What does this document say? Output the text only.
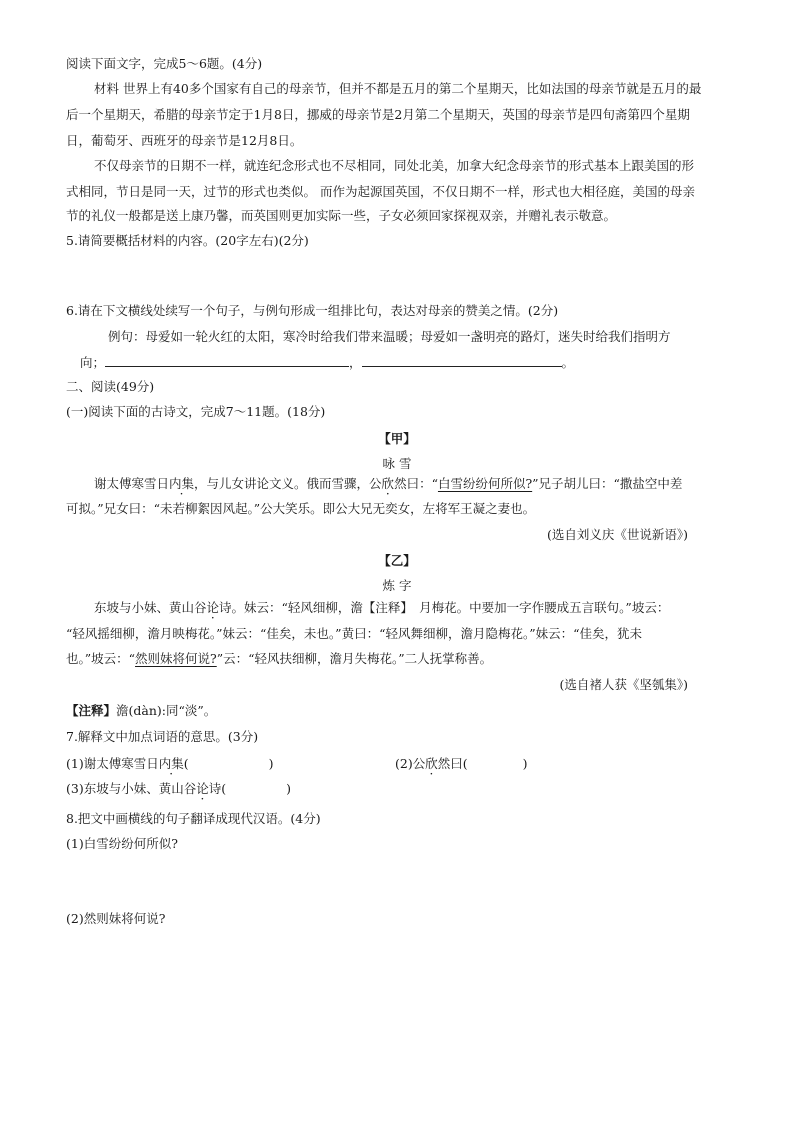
阅读下面文字，完成5～6题。(4分)
材料 世界上有40多个国家有自己的母亲节，但并不都是五月的第二个星期天，比如法国的母亲节就是五月的最
后一个星期天，希腊的母亲节定于1月8日，挪威的母亲节是2月第二个星期天，英国的母亲节是四旬斋第四个星期
日，葡萄牙、西班牙的母亲节是12月8日。
不仅母亲节的日期不一样，就连纪念形式也不尽相同，同处北美，加拿大纪念母亲节的形式基本上跟美国的形
式相同，节日是同一天，过节的形式也类似。 而作为起源国英国，不仅日期不一样，形式也大相径庭，美国的母亲
节的礼仪一般都是送上康乃馨，而英国则更加实际一些，子女必须回家探视双亲，并赠礼表示敬意。
5.请简要概括材料的内容。(20字左右)(2分)
6.请在下文横线处续写一个句子，与例句形成一组排比句，表达对母亲的赞美之情。(2分)
例句：母爱如一轮火红的太阳，寒冷时给我们带来温暖；母爱如一盏明亮的路灯，迷失时给我们指明方
向；	，	。
二、阅读(49分)
(一)阅读下面的古诗文，完成7～11题。(18分)
【甲】
咏 雪
谢太傅寒雪日内集，与儿女讲论文义。俄而雪骤，公欣然曰：“白雪纷纷何所似?”兄子胡儿曰：“撒盐空中差
可拟。”兄女曰：“未若柳絮因风起。”公大笑乐。即公大兄无奕女，左将军王凝之妻也。
(选自刘义庆《世说新语》)
【乙】
炼 字
东坡与小妹、黄山谷论诗。妹云：“轻风细柳，澹【注释】　月梅花。中要加一字作腰成五言联句。”坡云：
“轻风摇细柳，澹月映梅花。”妹云：“佳矣，未也。”黄曰：“轻风舞细柳，澹月隐梅花。”妹云：“佳矣，犹未
也。”坡云：“然则妹将何说?”云：“轻风扶细柳，澹月失梅花。”二人抚掌称善。
(选自褚人获《坚瓠集》)
【注释】澹(dàn):同“淡”。
7.解释文中加点词语的意思。(3分)
(1)谢太傅寒雪日内集(	)	(2)公欣然曰(	)
(3)东坡与小妹、黄山谷论诗(	)
8.把文中画横线的句子翻译成现代汉语。(4分)
(1)白雪纷纷何所似?
(2)然则妹将何说?
